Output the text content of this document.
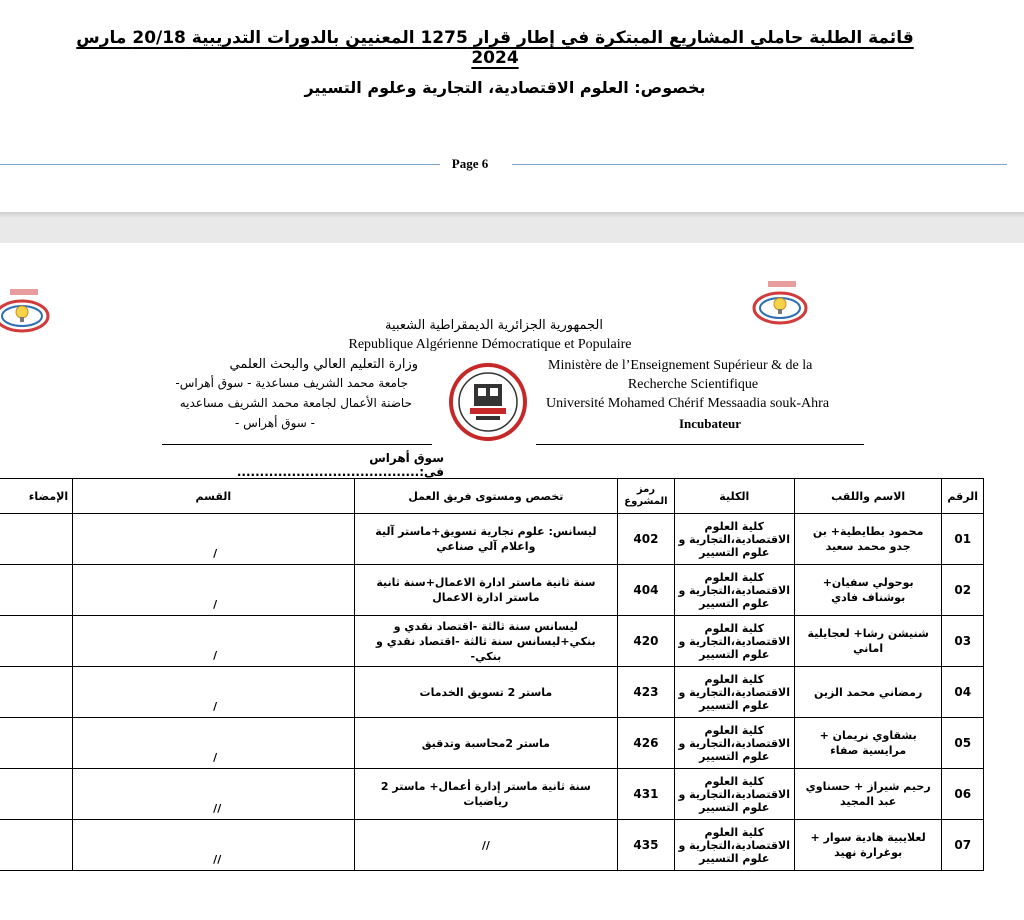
قائمة الطلبة حاملي المشاريع المبتكرة في إطار قرار 1275 المعنيين بالدورات التدريبية 20/18 مارس 2024
بخصوص: العلوم الاقتصادية، التجارية وعلوم التسيير
Page 6
الجمهورية الجزائرية الديمقراطية الشعبية
Republique Algérienne Démocratique et Populaire
وزارة التعليم العالي والبحث العلمي
جامعة محمد الشريف مساعدية - سوق أهراس-
حاضنة الأعمال لجامعة محمد الشريف مساعديه
- سوق أهراس -
Ministère de l’Enseignement Supérieur & de la
Recherche Scientifique
Université Mohamed Chérif Messaadia souk-Ahra
Incubateur
سوق أهراس في:........................................
الرقم	الاسم واللقب	الكلية	رمز المشروع	تخصص ومستوى فريق العمل	القسم	الإمضاء
01	محمود بطايطية+ بن جدو محمد سعيد	كلية العلوم الاقتصادية،التجارية و علوم التسيير	402	ليسانس: علوم تجارية تسويق+ماستر آلية واعلام آلي صناعي	/	

02	بوحولي سفيان+ بوشناف فادي	كلية العلوم الاقتصادية،التجارية و علوم التسيير	404	سنة ثانية ماستر ادارة الاعمال+سنة ثانية ماستر ادارة الاعمال	/	

03	شنيشن رشا+ لعجايلية اماني	كلية العلوم الاقتصادية،التجارية و علوم التسيير	420	ليسانس سنة ثالثة -اقتصاد نقدي و بنكي+ليسانس سنة ثالثة -اقتصاد نقدي و بنكي-	/	

04	رمضاني محمد الزين	كلية العلوم الاقتصادية،التجارية و علوم التسيير	423	ماستر 2 تسويق الخدمات	/	

05	بشقاوي نريمان + مرايسية صفاء	كلية العلوم الاقتصادية،التجارية و علوم التسيير	426	ماستر 2محاسبة وتدقيق	/	

06	رحيم شيراز + حسناوي عبد المجيد	كلية العلوم الاقتصادية،التجارية و علوم التسيير	431	سنة ثانية ماستر إدارة أعمال+ ماستر 2 رياضيات	//	

07	لعلايبية هادية سوار + بوغرارة نهيد	كلية العلوم الاقتصادية،التجارية و علوم التسيير	435	//	//	
